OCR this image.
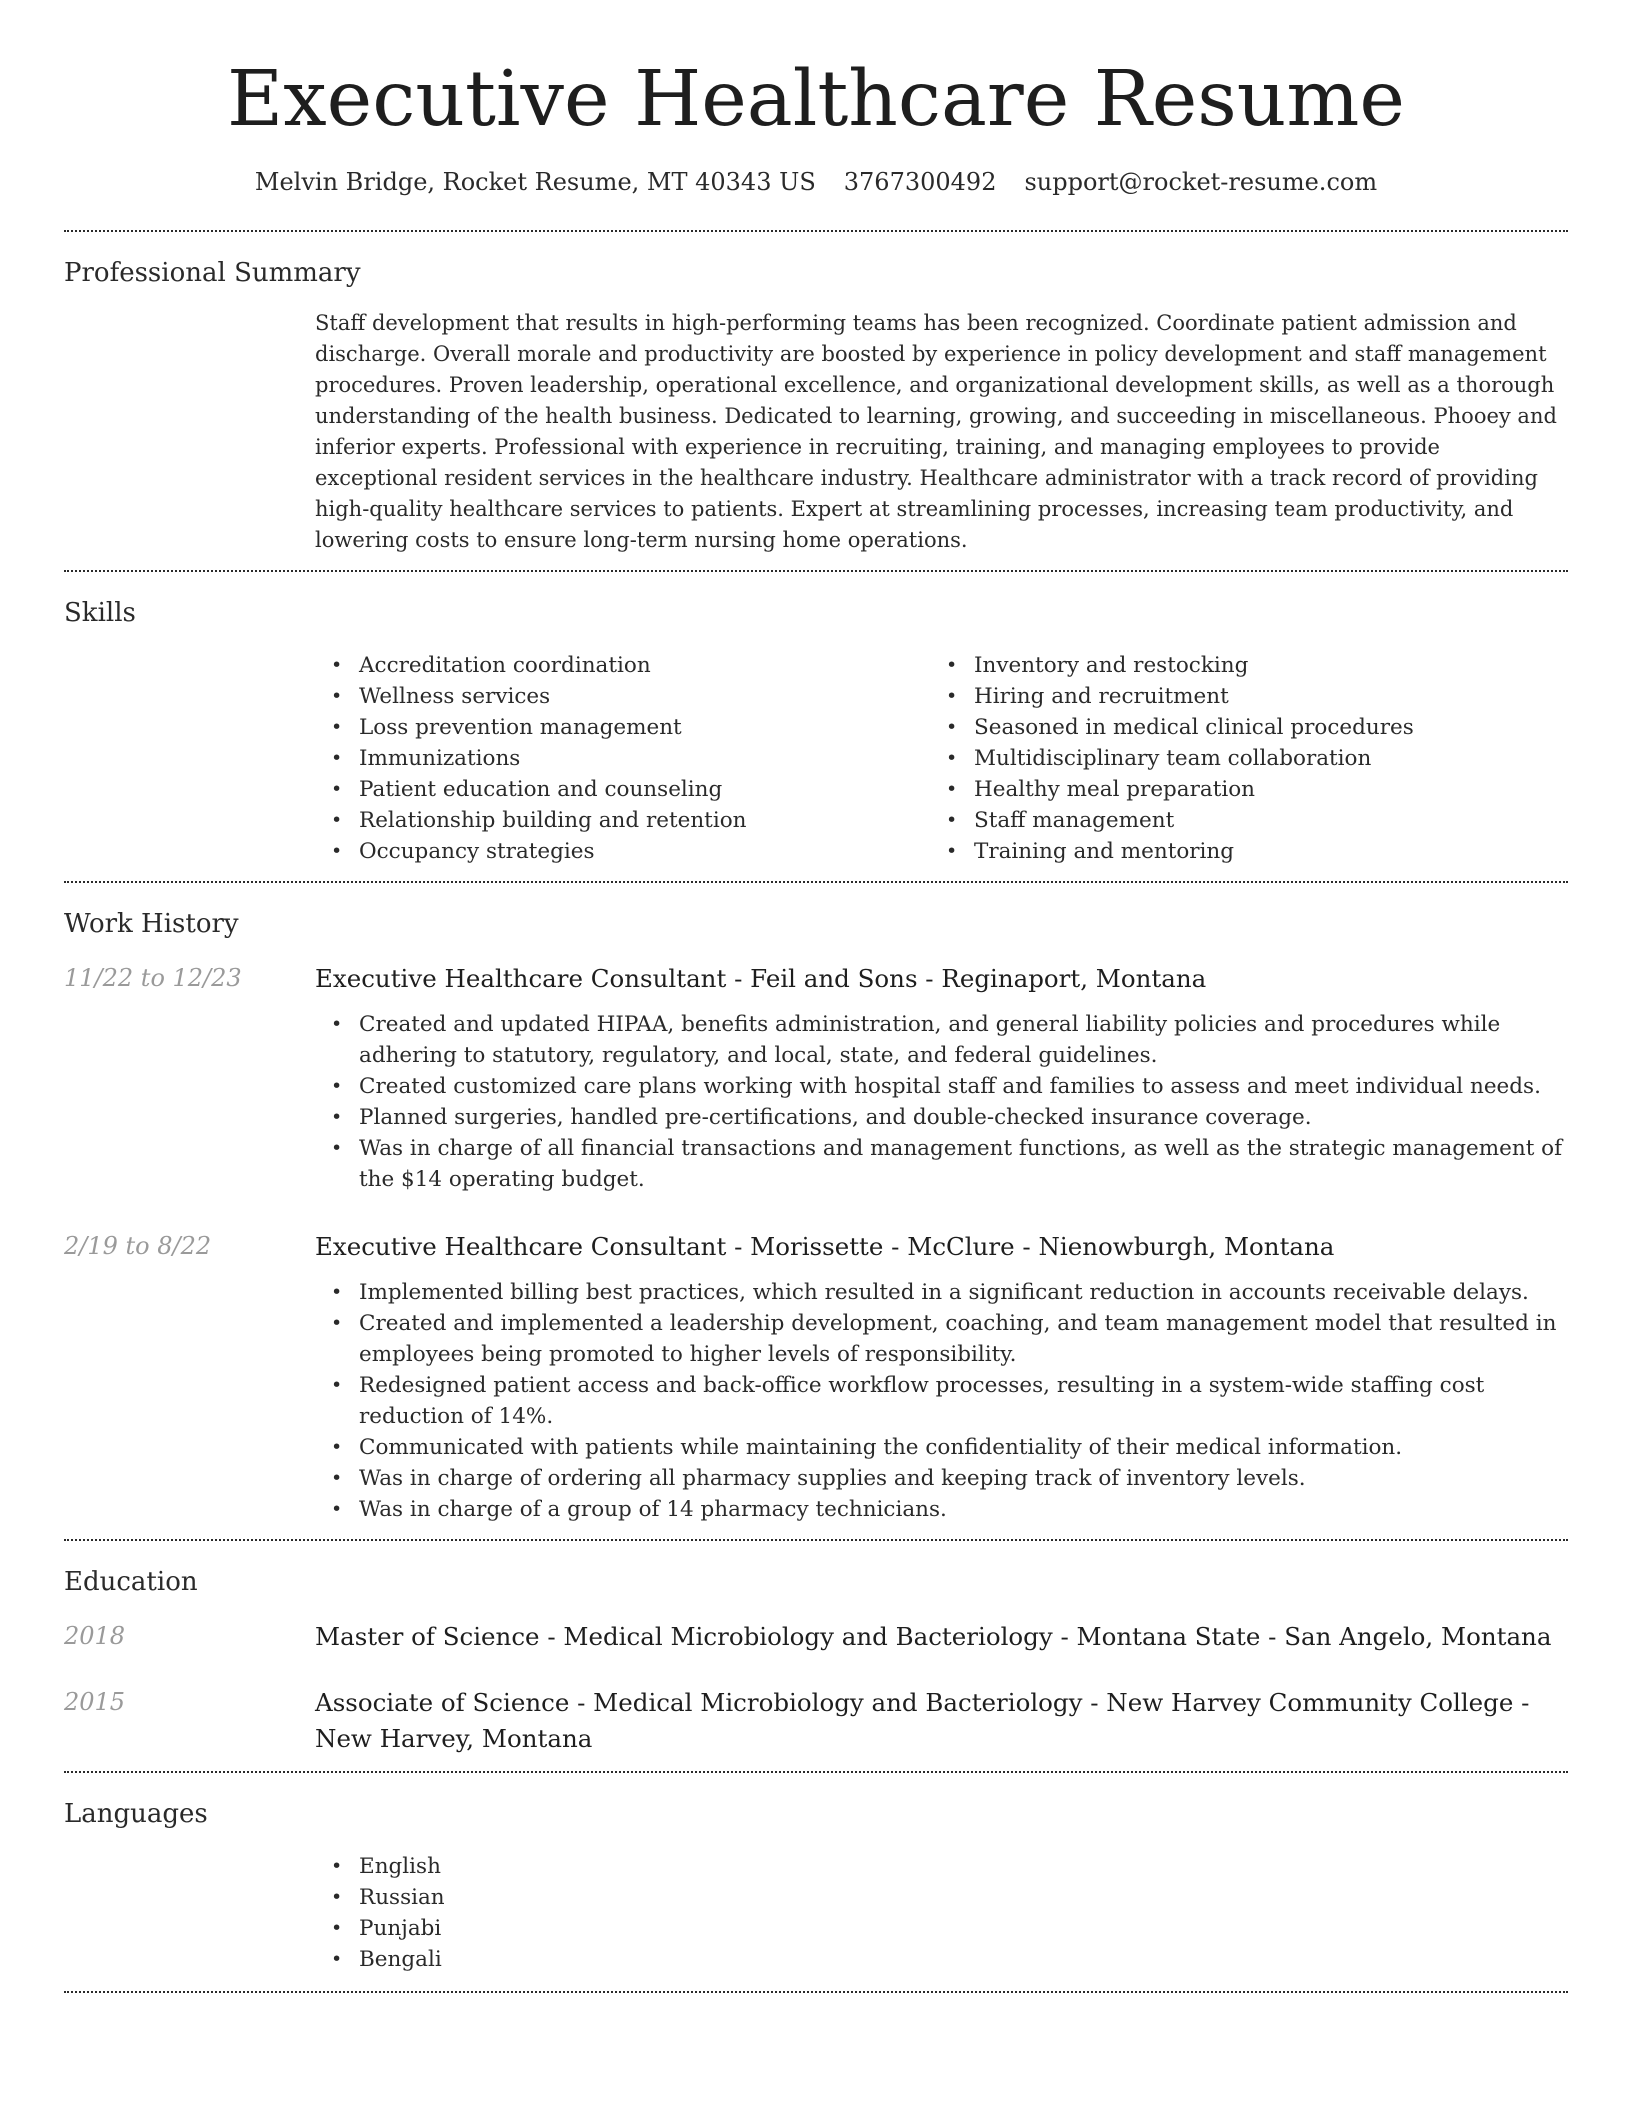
Executive Healthcare Resume
Melvin Bridge, Rocket Resume, MT 40343 US 3767300492 support@rocket-resume.com
Professional Summary

Staff development that results in high-performing teams has been recognized. Coordinate patient admission and discharge. Overall morale and productivity are boosted by experience in policy development and staff management procedures. Proven leadership, operational excellence, and organizational development skills, as well as a thorough understanding of the health business. Dedicated to learning, growing, and succeeding in miscellaneous. Phooey and inferior experts. Professional with experience in recruiting, training, and managing employees to provide exceptional resident services in the healthcare industry. Healthcare administrator with a track record of providing high-quality healthcare services to patients. Expert at streamlining processes, increasing team productivity, and lowering costs to ensure long-term nursing home operations.

Skills
• Accreditation coordination
• Wellness services
• Loss prevention management
• Immunizations
• Patient education and counseling
• Relationship building and retention
• Occupancy strategies
• Inventory and restocking
• Hiring and recruitment
• Seasoned in medical clinical procedures
• Multidisciplinary team collaboration
• Healthy meal preparation
• Staff management
• Training and mentoring
Work History
11/22 to 12/23	Executive Healthcare Consultant - Feil and Sons - Reginaport, Montana
• Created and updated HIPAA, benefits administration, and general liability policies and procedures while adhering to statutory, regulatory, and local, state, and federal guidelines.
• Created customized care plans working with hospital staff and families to assess and meet individual needs.
• Planned surgeries, handled pre-certifications, and double-checked insurance coverage.
• Was in charge of all financial transactions and management functions, as well as the strategic management of the $14 operating budget.
2/19 to 8/22	Executive Healthcare Consultant - Morissette - McClure - Nienowburgh, Montana
• Implemented billing best practices, which resulted in a significant reduction in accounts receivable delays.
• Created and implemented a leadership development, coaching, and team management model that resulted in employees being promoted to higher levels of responsibility.
• Redesigned patient access and back-office workflow processes, resulting in a system-wide staffing cost reduction of 14%.
• Communicated with patients while maintaining the confidentiality of their medical information.
• Was in charge of ordering all pharmacy supplies and keeping track of inventory levels.
• Was in charge of a group of 14 pharmacy technicians.
Education
2018	Master of Science - Medical Microbiology and Bacteriology - Montana State - San Angelo, Montana
2015	Associate of Science - Medical Microbiology and Bacteriology - New Harvey Community College - New Harvey, Montana
Languages
• English
• Russian
• Punjabi
• Bengali
